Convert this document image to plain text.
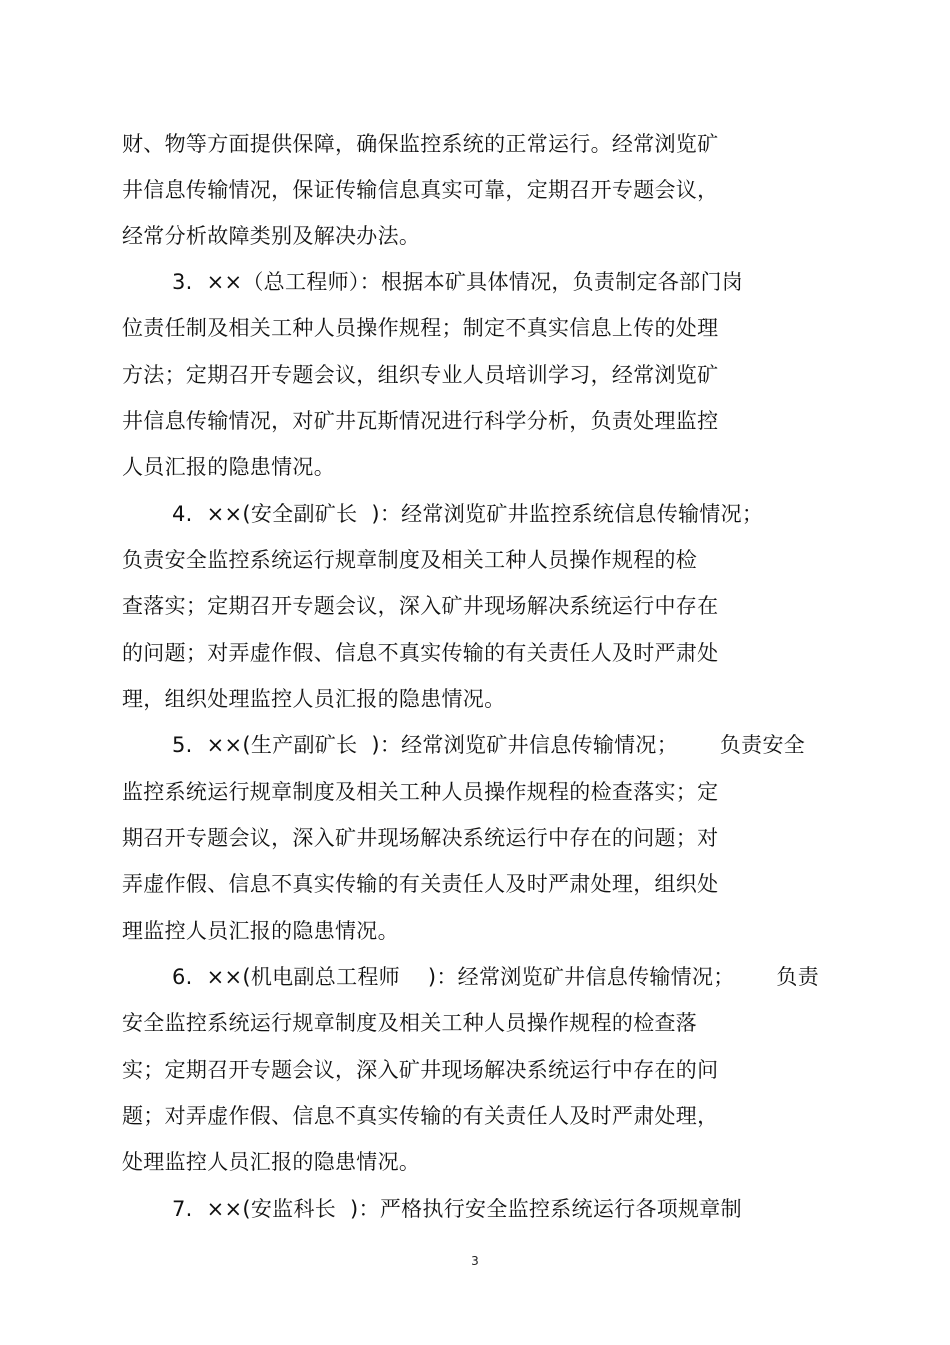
财、物等方面提供保障，确保监控系统的正常运行。经常浏览矿
井信息传输情况，保证传输信息真实可靠，定期召开专题会议，
经常分析故障类别及解决办法。
3.  ××（总工程师）：根据本矿具体情况，负责制定各部门岗
位责任制及相关工种人员操作规程；制定不真实信息上传的处理
方法；定期召开专题会议，组织专业人员培训学习，经常浏览矿
井信息传输情况，对矿井瓦斯情况进行科学分析，负责处理监控
人员汇报的隐患情况。
4.  ××(安全副矿长  )：经常浏览矿井监控系统信息传输情况；
负责安全监控系统运行规章制度及相关工种人员操作规程的检
查落实；定期召开专题会议，深入矿井现场解决系统运行中存在
的问题；对弄虚作假、信息不真实传输的有关责任人及时严肃处
理，组织处理监控人员汇报的隐患情况。
5.  ××(生产副矿长  )：经常浏览矿井信息传输情况；      负责安全
监控系统运行规章制度及相关工种人员操作规程的检查落实；定
期召开专题会议，深入矿井现场解决系统运行中存在的问题；对
弄虚作假、信息不真实传输的有关责任人及时严肃处理，组织处
理监控人员汇报的隐患情况。
6.  ××(机电副总工程师    )：经常浏览矿井信息传输情况；      负责
安全监控系统运行规章制度及相关工种人员操作规程的检查落
实；定期召开专题会议，深入矿井现场解决系统运行中存在的问
题；对弄虚作假、信息不真实传输的有关责任人及时严肃处理，
处理监控人员汇报的隐患情况。
7.  ××(安监科长  )：严格执行安全监控系统运行各项规章制
3
